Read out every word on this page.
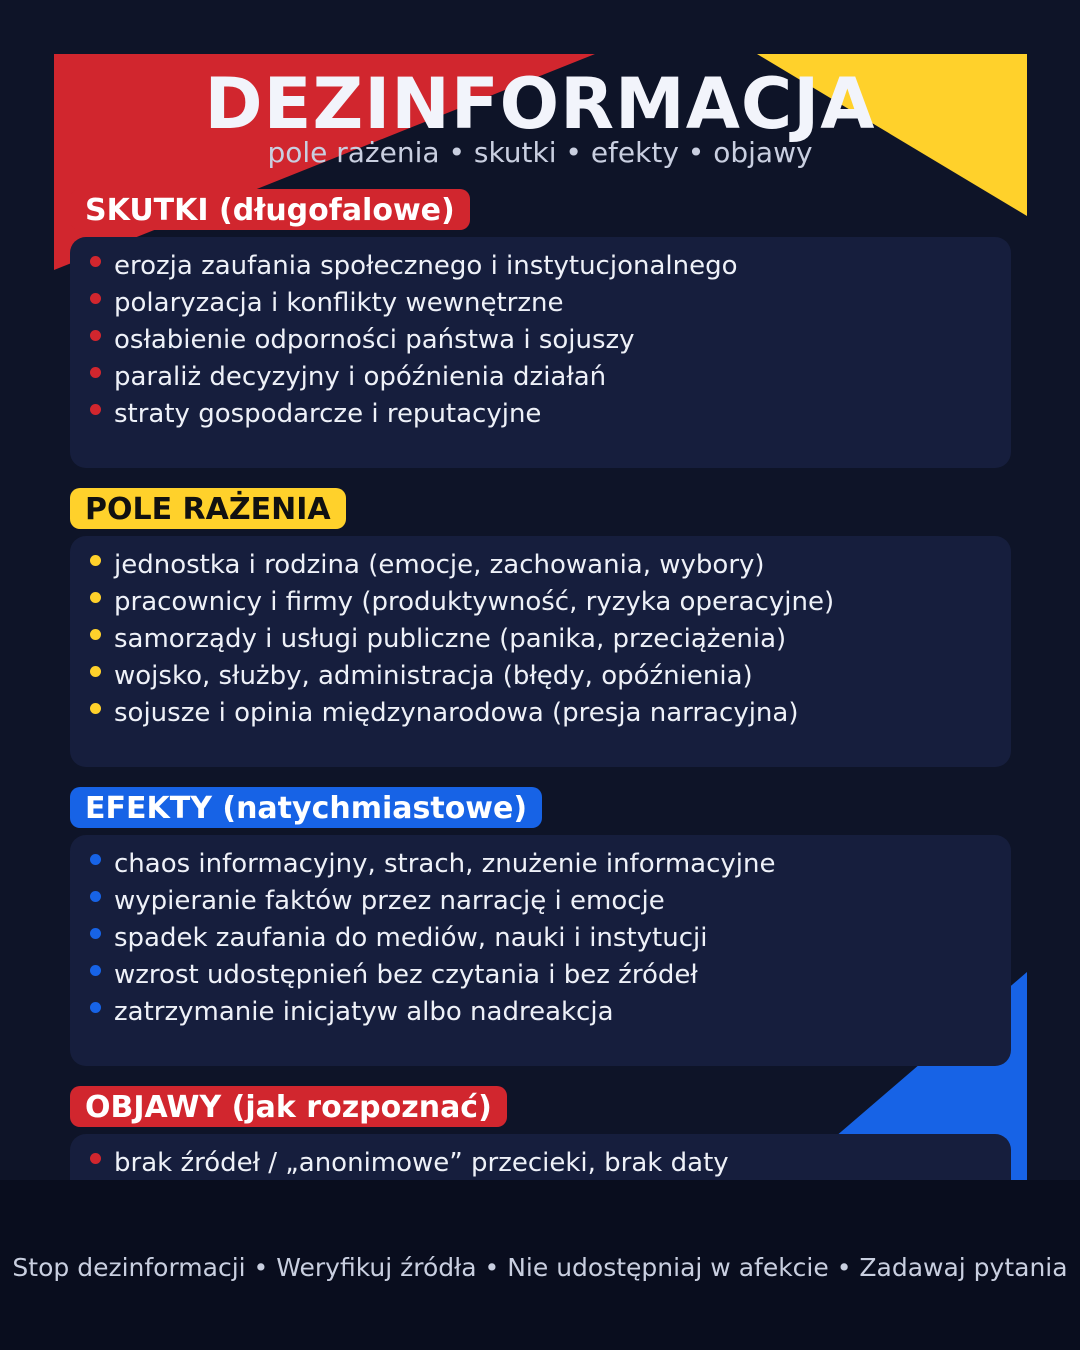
DEZINFORMACJA
pole rażenia • skutki • efekty • objawy
SKUTKI (długofalowe)
erozja zaufania społecznego i instytucjonalnego
polaryzacja i konflikty wewnętrzne
osłabienie odporności państwa i sojuszy
paraliż decyzyjny i opóźnienia działań
straty gospodarcze i reputacyjne
POLE RAŻENIA
jednostka i rodzina (emocje, zachowania, wybory)
pracownicy i firmy (produktywność, ryzyka operacyjne)
samorządy i usługi publiczne (panika, przeciążenia)
wojsko, służby, administracja (błędy, opóźnienia)
sojusze i opinia międzynarodowa (presja narracyjna)
EFEKTY (natychmiastowe)
chaos informacyjny, strach, znużenie informacyjne
wypieranie faktów przez narrację i emocje
spadek zaufania do mediów, nauki i instytucji
wzrost udostępnień bez czytania i bez źródeł
zatrzymanie inicjatyw albo nadreakcja
OBJAWY (jak rozpoznać)
brak źródeł / „anonimowe” przecieki, brak daty
Stop dezinformacji • Weryfikuj źródła • Nie udostępniaj w afekcie • Zadawaj pytania
